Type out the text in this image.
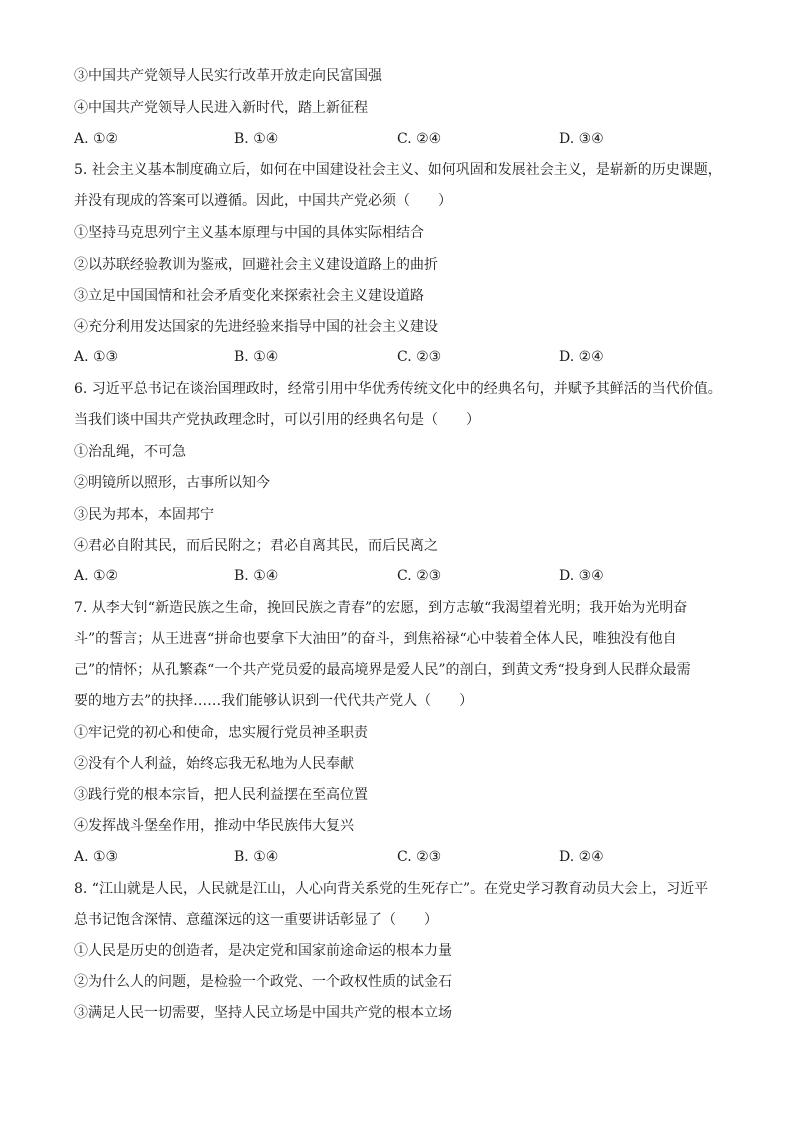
③中国共产党领导人民实行改革开放走向民富国强
④中国共产党领导人民进入新时代，踏上新征程
A. ①②	B. ①④	C. ②④	D. ③④
5. 社会主义基本制度确立后，如何在中国建设社会主义、如何巩固和发展社会主义，是崭新的历史课题，
并没有现成的答案可以遵循。因此，中国共产党必须（　　）
①坚持马克思列宁主义基本原理与中国的具体实际相结合
②以苏联经验教训为鉴戒，回避社会主义建设道路上的曲折
③立足中国国情和社会矛盾变化来探索社会主义建设道路
④充分利用发达国家的先进经验来指导中国的社会主义建设
A. ①③	B. ①④	C. ②③	D. ②④
6. 习近平总书记在谈治国理政时，经常引用中华优秀传统文化中的经典名句，并赋予其鲜活的当代价值。
当我们谈中国共产党执政理念时，可以引用的经典名句是（　　）
①治乱绳，不可急
②明镜所以照形，古事所以知今
③民为邦本，本固邦宁
④君必自附其民，而后民附之；君必自离其民，而后民离之
A. ①②	B. ①④	C. ②③	D. ③④
7. 从李大钊“新造民族之生命，挽回民族之青春”的宏愿，到方志敏“我渴望着光明；我开始为光明奋
斗”的誓言；从王进喜“拼命也要拿下大油田”的奋斗，到焦裕禄“心中装着全体人民，唯独没有他自
己”的情怀；从孔繁森“一个共产党员爱的最高境界是爱人民”的剖白，到黄文秀“投身到人民群众最需
要的地方去”的抉择……我们能够认识到一代代共产党人（　　）
①牢记党的初心和使命，忠实履行党员神圣职责
②没有个人利益，始终忘我无私地为人民奉献
③践行党的根本宗旨，把人民利益摆在至高位置
④发挥战斗堡垒作用，推动中华民族伟大复兴
A. ①③	B. ①④	C. ②③	D. ②④
8. “江山就是人民，人民就是江山，人心向背关系党的生死存亡”。在党史学习教育动员大会上，习近平
总书记饱含深情、意蕴深远的这一重要讲话彰显了（　　）
①人民是历史的创造者，是决定党和国家前途命运的根本力量
②为什么人的问题，是检验一个政党、一个政权性质的试金石
③满足人民一切需要，坚持人民立场是中国共产党的根本立场
